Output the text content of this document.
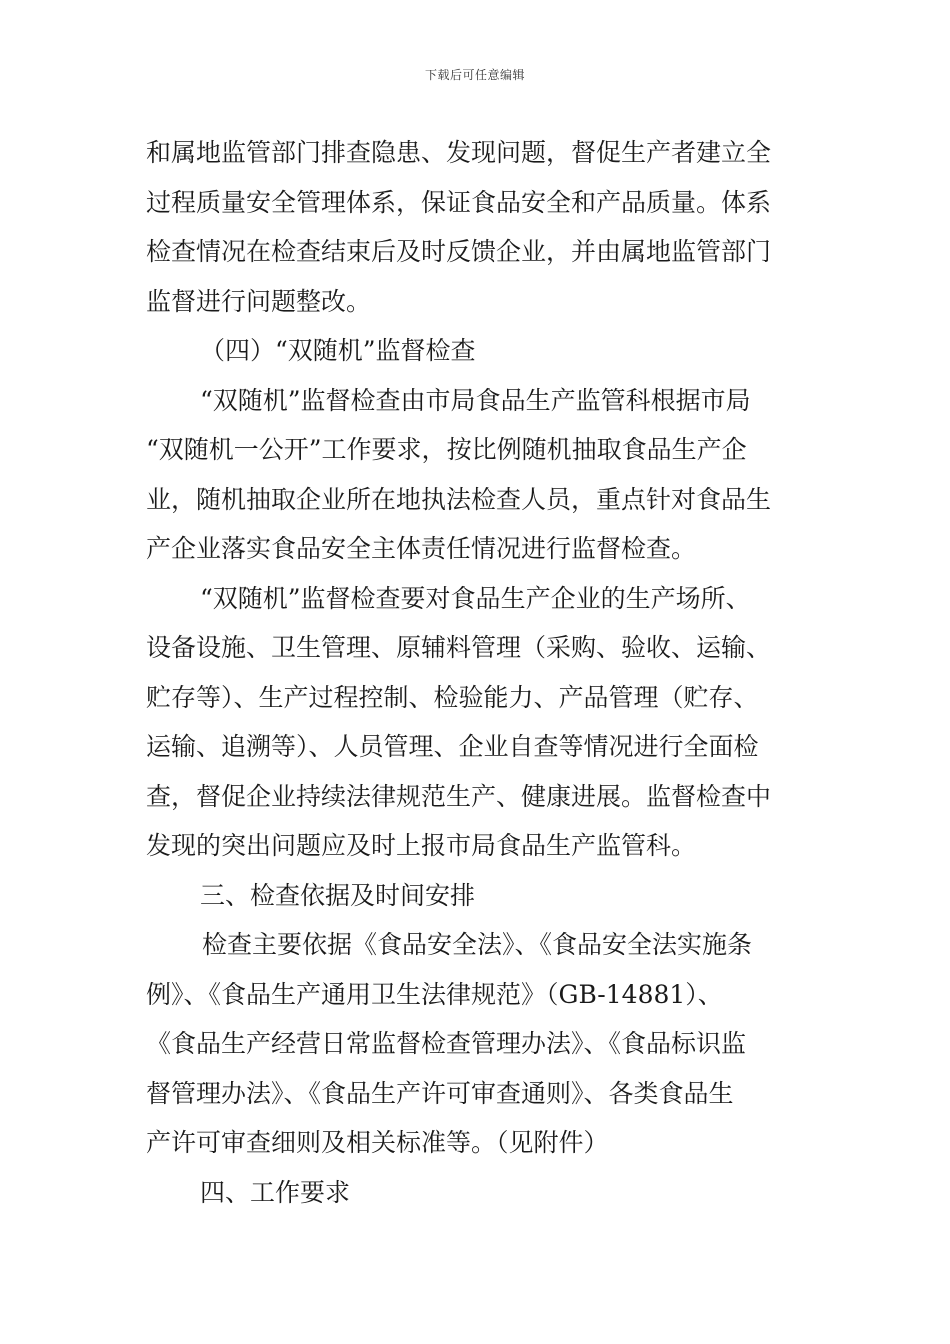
下载后可任意编辑

和属地监管部门排查隐患、发现问题，督促生产者建立全

过程质量安全管理体系，保证食品安全和产品质量。体系

检查情况在检查结束后及时反馈企业，并由属地监管部门

监督进行问题整改。

（四）“双随机”监督检查

“双随机”监督检查由市局食品生产监管科根据市局

“双随机一公开”工作要求，按比例随机抽取食品生产企

业，随机抽取企业所在地执法检查人员，重点针对食品生

产企业落实食品安全主体责任情况进行监督检查。

“双随机”监督检查要对食品生产企业的生产场所、

设备设施、卫生管理、原辅料管理（采购、验收、运输、

贮存等）、生产过程控制、检验能力、产品管理（贮存、

运输、追溯等）、人员管理、企业自查等情况进行全面检

查，督促企业持续法律规范生产、健康进展。监督检查中

发现的突出问题应及时上报市局食品生产监管科。

三、检查依据及时间安排

检查主要依据《食品安全法》、《食品安全法实施条

例》、《食品生产通用卫生法律规范》（GB-14881）、

《食品生产经营日常监督检查管理办法》、《食品标识监

督管理办法》、《食品生产许可审查通则》、各类食品生

产许可审查细则及相关标准等。（见附件）

四、工作要求
